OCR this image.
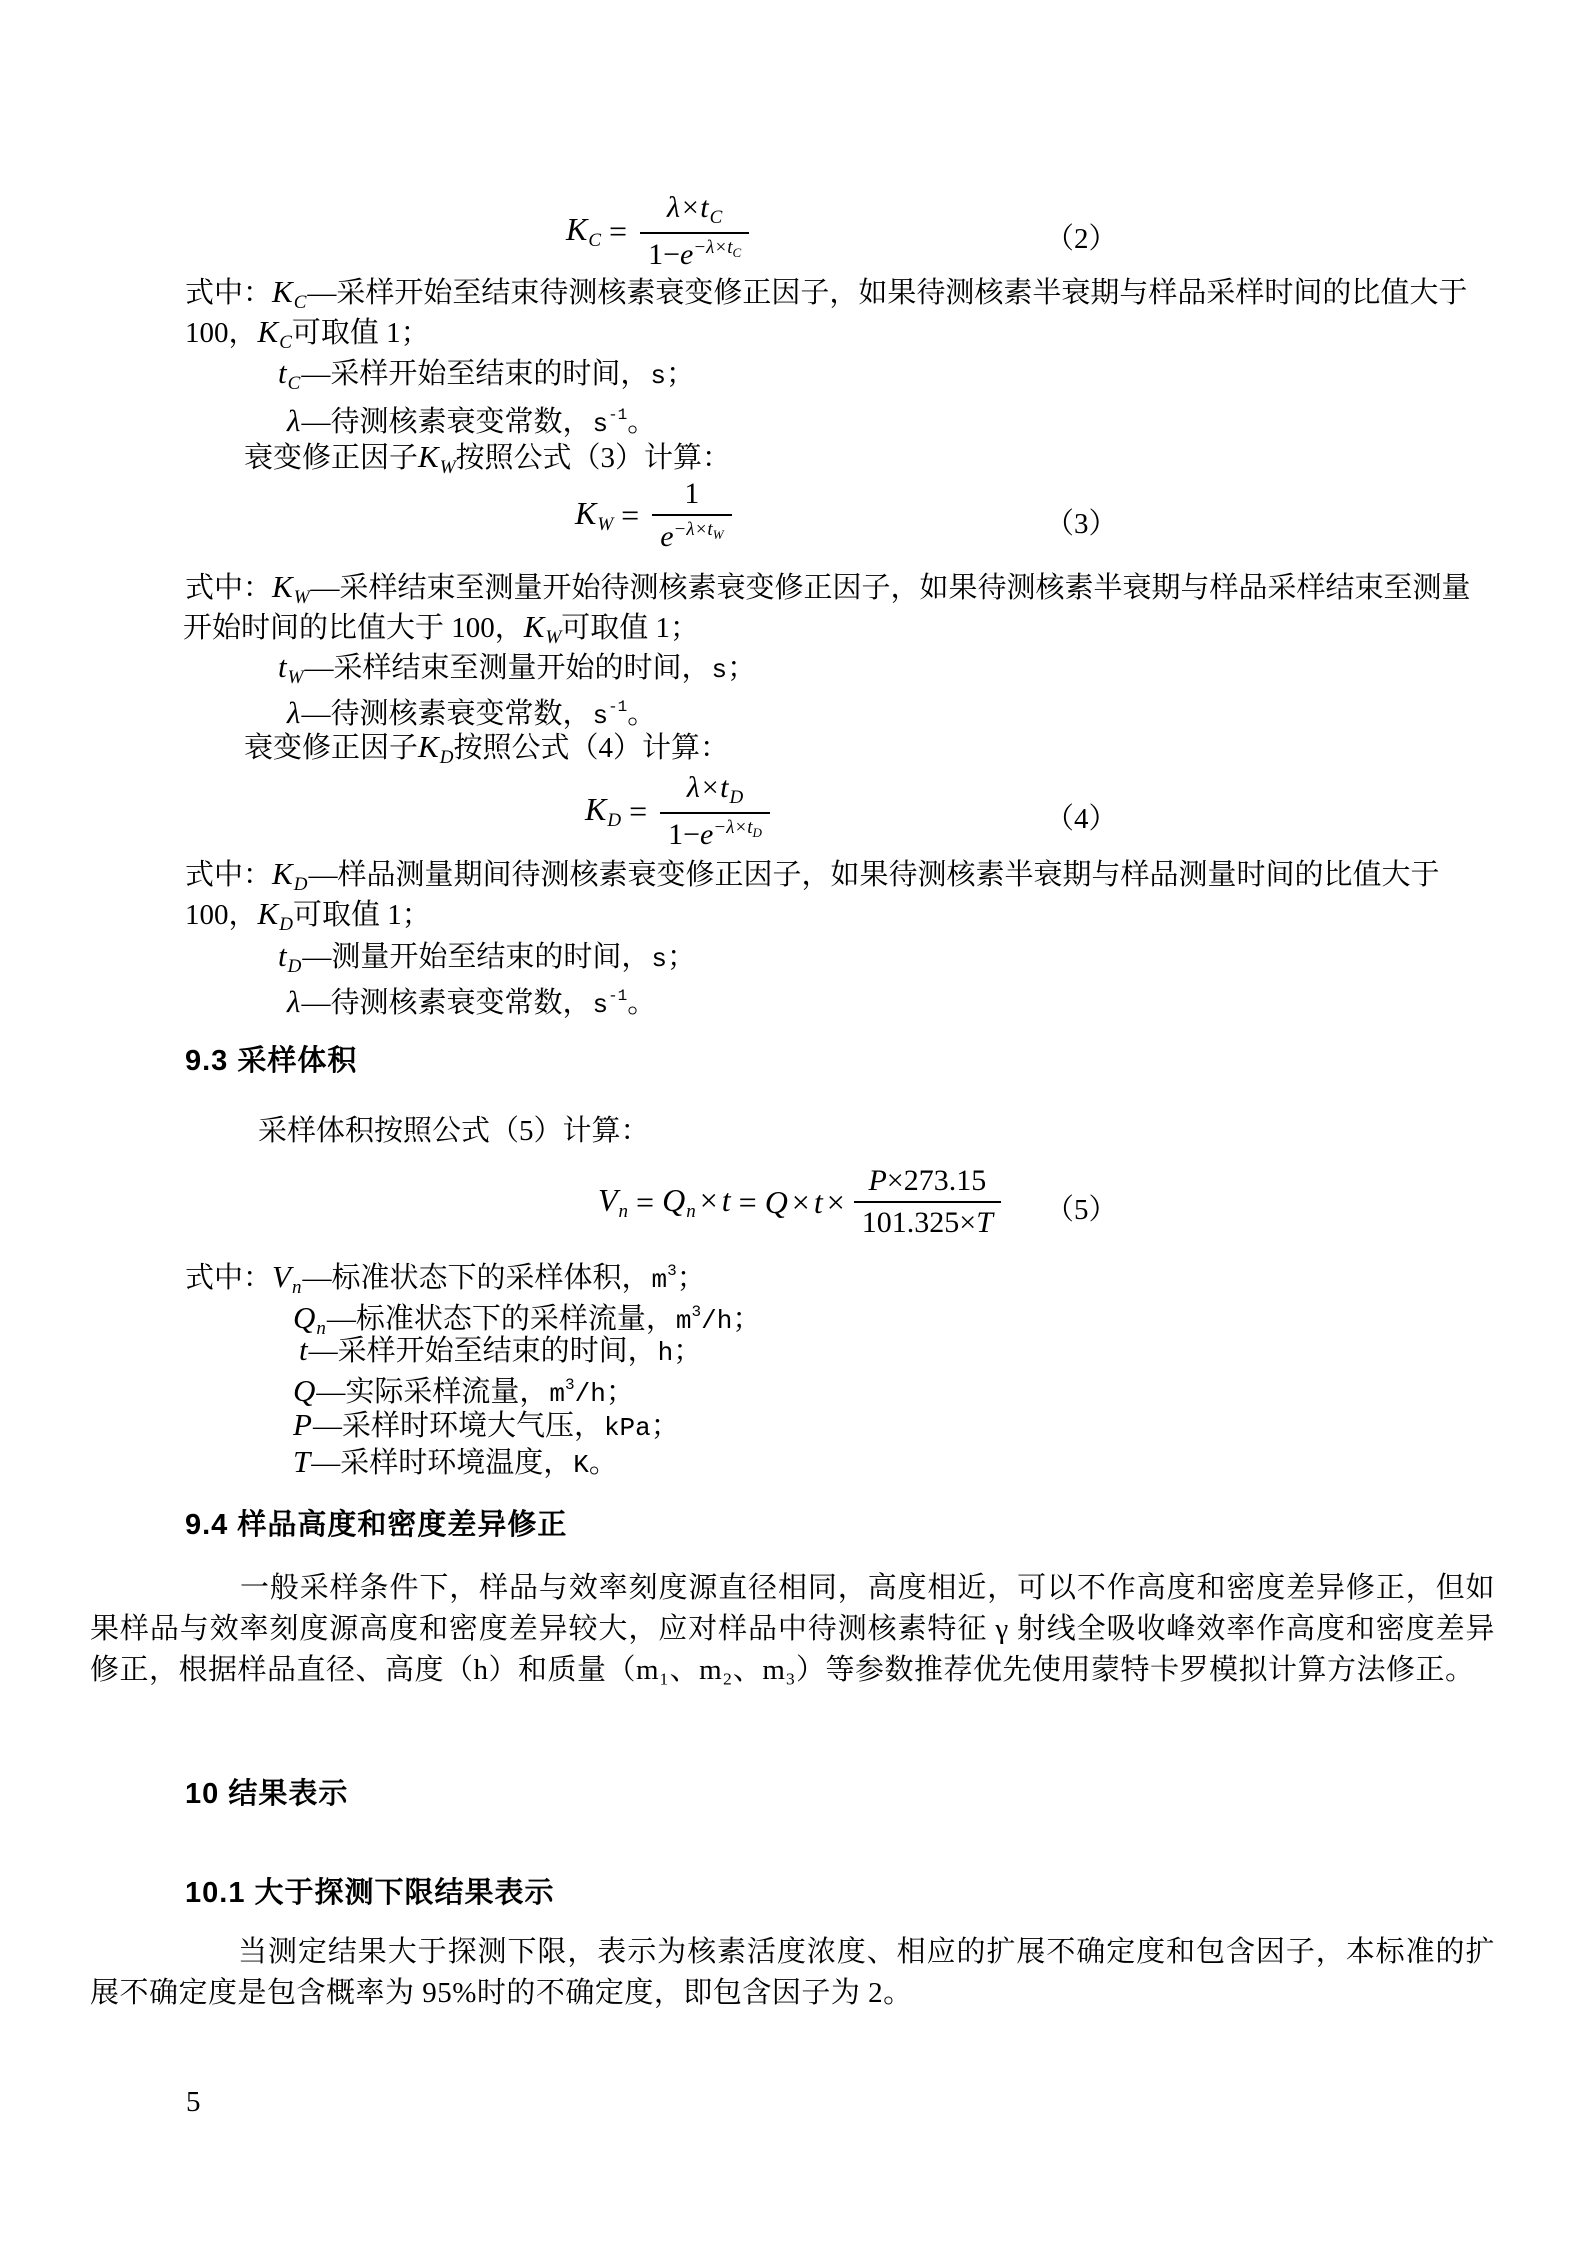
KC = $\frac{\lambda\times t_C}{1-e^{-\lambda\times t_C}}$	（2）
式中：$K_C—$采样开始至结束待测核素衰变修正因子，如果待测核素半衰期与样品采样时间的比值大于
100，$K_C$可取值 1；
$t_C—$采样开始至结束的时间，s；
λ—待测核素衰变常数，$s^{-1}$。
衰变修正因子$K_W$按照公式（3）计算：
KW = $\frac{1}{e^{-\lambda\times t_W}}$	（3）
式中：$K_W—$采样结束至测量开始待测核素衰变修正因子，如果待测核素半衰期与样品采样结束至测量
开始时间的比值大于 100，$K_W$可取值 1；
$t_W—$采样结束至测量开始的时间，s；
λ—待测核素衰变常数，$s^{-1}$。
衰变修正因子$K_D$按照公式（4）计算：
KD = $\frac{\lambda\times t_D}{1-e^{-\lambda\times t_D}}$	（4）
式中：$K_D—$样品测量期间待测核素衰变修正因子，如果待测核素半衰期与样品测量时间的比值大于
100，$K_D$可取值 1；
$t_D—$测量开始至结束的时间，s；
λ—待测核素衰变常数，$s^{-1}$。
9.3 采样体积
采样体积按照公式（5）计算：
$Vn = Qn \times t = Q \times t \times \frac{P\times 273.15}{101.325\times T} (5)$
式中：$V_n—$标准状态下的采样体积，$m^3$；
$Q_n—$标准状态下的采样流量，$m^3/h$；
t—采样开始至结束的时间，h；
Q—实际采样流量，$m^3/h$；
P—采样时环境大气压，kPa；
T—采样时环境温度，K。
9.4 样品高度和密度差异修正
一般采样条件下，样品与效率刻度源直径相同，高度相近，可以不作高度和密度差异修正，但如果样品与效率刻度源高度和密度差异较大，应对样品中待测核素特征 γ 射线全吸收峰效率作高度和密度差异修正，根据样品直径、高度（h）和质量（m₁、m₂、m₃）等参数推荐优先使用蒙特卡罗模拟计算方法修正。
10 结果表示
10.1 大于探测下限结果表示
当测定结果大于探测下限，表示为核素活度浓度、相应的扩展不确定度和包含因子，本标准的扩展不确定度是包含概率为 95%时的不确定度，即包含因子为 2。
5
